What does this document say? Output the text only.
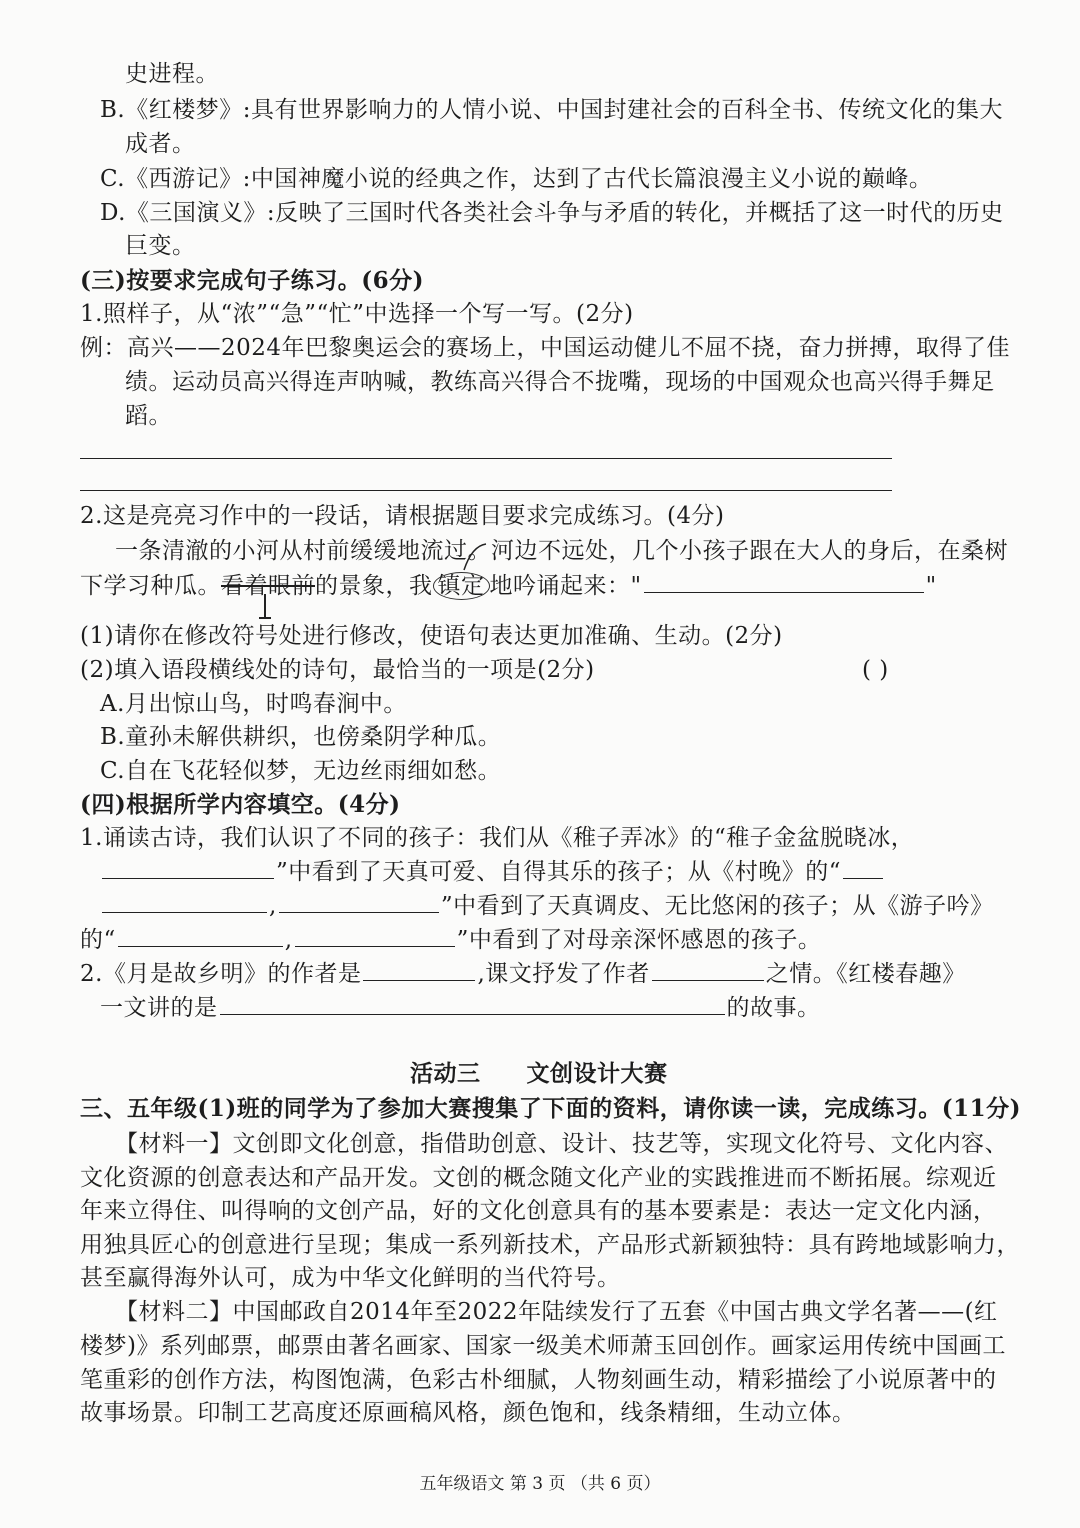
史进程。
B.《红楼梦》:具有世界影响力的人情小说、中国封建社会的百科全书、传统文化的集大
成者。
C.《西游记》:中国神魔小说的经典之作，达到了古代长篇浪漫主义小说的巅峰。
D.《三国演义》:反映了三国时代各类社会斗争与矛盾的转化，并概括了这一时代的历史
巨变。
(三)按要求完成句子练习。(6分)
1.照样子，从“浓”“急”“忙”中选择一个写一写。(2分)
例：高兴——2024年巴黎奥运会的赛场上，中国运动健儿不屈不挠，奋力拼搏，取得了佳
绩。运动员高兴得连声呐喊，教练高兴得合不拢嘴，现场的中国观众也高兴得手舞足
蹈。
2.这是亮亮习作中的一段话，请根据题目要求完成练习。(4分)
一条清澈的小河从村前缓缓地流过。河边不远处，几个小孩子跟在大人的身后，在桑树
下学习种瓜。看着眼前的景象，我 镇定 地吟诵起来："	"
(1)请你在修改符号处进行修改，使语句表达更加准确、生动。(2分)
(2)填入语段横线处的诗句，最恰当的一项是(2分)	( )
A.月出惊山鸟，时鸣春涧中。
B.童孙未解供耕织，也傍桑阴学种瓜。
C.自在飞花轻似梦，无边丝雨细如愁。
(四)根据所学内容填空。(4分)
1.诵读古诗，我们认识了不同的孩子：我们从《稚子弄冰》的“稚子金盆脱晓冰，
”中看到了天真可爱、自得其乐的孩子；从《村晚》的“
,	”中看到了天真调皮、无比悠闲的孩子；从《游子吟》
的“	,	”中看到了对母亲深怀感恩的孩子。
2.《月是故乡明》的作者是	,课文抒发了作者	之情。《红楼春趣》
一文讲的是	的故事。
活动三 文创设计大赛
三、五年级(1)班的同学为了参加大赛搜集了下面的资料，请你读一读，完成练习。(11分)
【材料一】文创即文化创意，指借助创意、设计、技艺等，实现文化符号、文化内容、
文化资源的创意表达和产品开发。文创的概念随文化产业的实践推进而不断拓展。综观近
年来立得住、叫得响的文创产品，好的文化创意具有的基本要素是：表达一定文化内涵，
用独具匠心的创意进行呈现；集成一系列新技术，产品形式新颖独特：具有跨地域影响力，
甚至赢得海外认可，成为中华文化鲜明的当代符号。
【材料二】中国邮政自2014年至2022年陆续发行了五套《中国古典文学名著——(红
楼梦)》系列邮票，邮票由著名画家、国家一级美术师萧玉回创作。画家运用传统中国画工
笔重彩的创作方法，构图饱满，色彩古朴细腻，人物刻画生动，精彩描绘了小说原著中的
故事场景。印制工艺高度还原画稿风格，颜色饱和，线条精细，生动立体。
五年级语文 第 3 页 （共 6 页）
